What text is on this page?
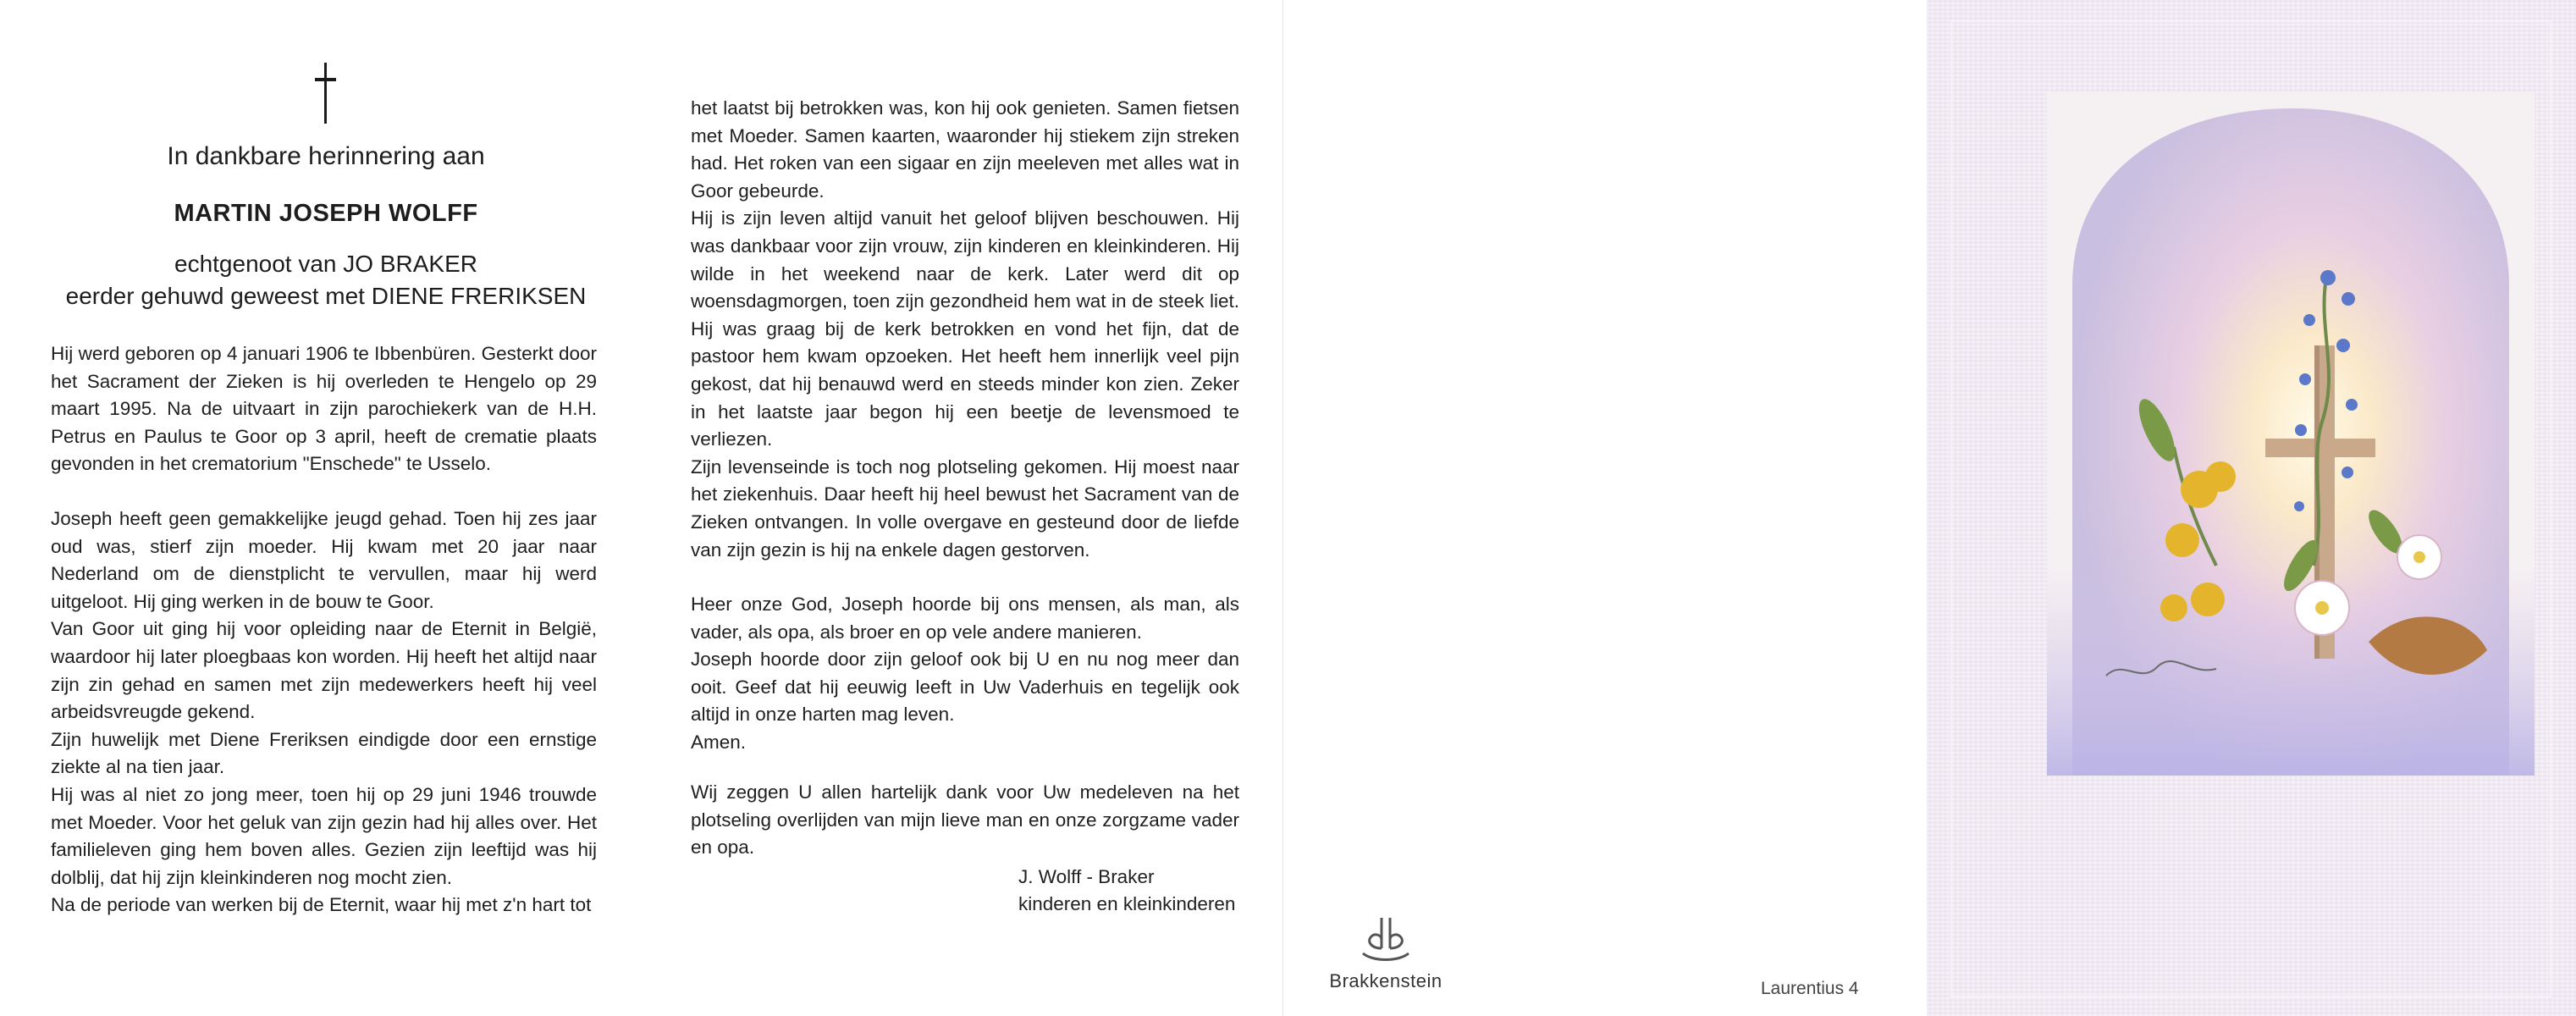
In dankbare herinnering aan
MARTIN JOSEPH WOLFF
echtgenoot van JO BRAKER
eerder gehuwd geweest met DIENE FRERIKSEN

Hij werd geboren op 4 januari 1906 te Ibbenbüren. Gesterkt door het Sacrament der Zieken is hij overleden te Hengelo op 29 maart 1995. Na de uitvaart in zijn parochiekerk van de H.H. Petrus en Paulus te Goor op 3 april, heeft de crematie plaats gevonden in het crematorium "Enschede" te Usselo.

Joseph heeft geen gemakkelijke jeugd gehad. Toen hij zes jaar oud was, stierf zijn moeder. Hij kwam met 20 jaar naar Nederland om de dienstplicht te vervullen, maar hij werd uitgeloot. Hij ging werken in de bouw te Goor.

Van Goor uit ging hij voor opleiding naar de Eternit in België, waardoor hij later ploegbaas kon worden. Hij heeft het altijd naar zijn zin gehad en samen met zijn medewerkers heeft hij veel arbeidsvreugde gekend.

Zijn huwelijk met Diene Freriksen eindigde door een ernstige ziekte al na tien jaar.

Hij was al niet zo jong meer, toen hij op 29 juni 1946 trouwde met Moeder. Voor het geluk van zijn gezin had hij alles over. Het familieleven ging hem boven alles. Gezien zijn leeftijd was hij dolblij, dat hij zijn kleinkinderen nog mocht zien.

Na de periode van werken bij de Eternit, waar hij met z'n hart tot

het laatst bij betrokken was, kon hij ook genieten. Samen fietsen met Moeder. Samen kaarten, waaronder hij stiekem zijn streken had. Het roken van een sigaar en zijn meeleven met alles wat in Goor gebeurde.

Hij is zijn leven altijd vanuit het geloof blijven beschouwen. Hij was dankbaar voor zijn vrouw, zijn kinderen en kleinkinderen. Hij wilde in het weekend naar de kerk. Later werd dit op woensdagmorgen, toen zijn gezondheid hem wat in de steek liet. Hij was graag bij de kerk betrokken en vond het fijn, dat de pastoor hem kwam opzoeken. Het heeft hem innerlijk veel pijn gekost, dat hij benauwd werd en steeds minder kon zien. Zeker in het laatste jaar begon hij een beetje de levensmoed te verliezen.

Zijn levenseinde is toch nog plotseling gekomen. Hij moest naar het ziekenhuis. Daar heeft hij heel bewust het Sacrament van de Zieken ontvangen. In volle overgave en gesteund door de liefde van zijn gezin is hij na enkele dagen gestorven.

Heer onze God, Joseph hoorde bij ons mensen, als man, als vader, als opa, als broer en op vele andere manieren.

Joseph hoorde door zijn geloof ook bij U en nu nog meer dan ooit. Geef dat hij eeuwig leeft in Uw Vaderhuis en tegelijk ook altijd in onze harten mag leven.

Amen.

Wij zeggen U allen hartelijk dank voor Uw medeleven na het plotseling overlijden van mijn lieve man en onze zorgzame vader en opa.
J. Wolff - Braker
kinderen en kleinkinderen
Brakkenstein	Laurentius 4
